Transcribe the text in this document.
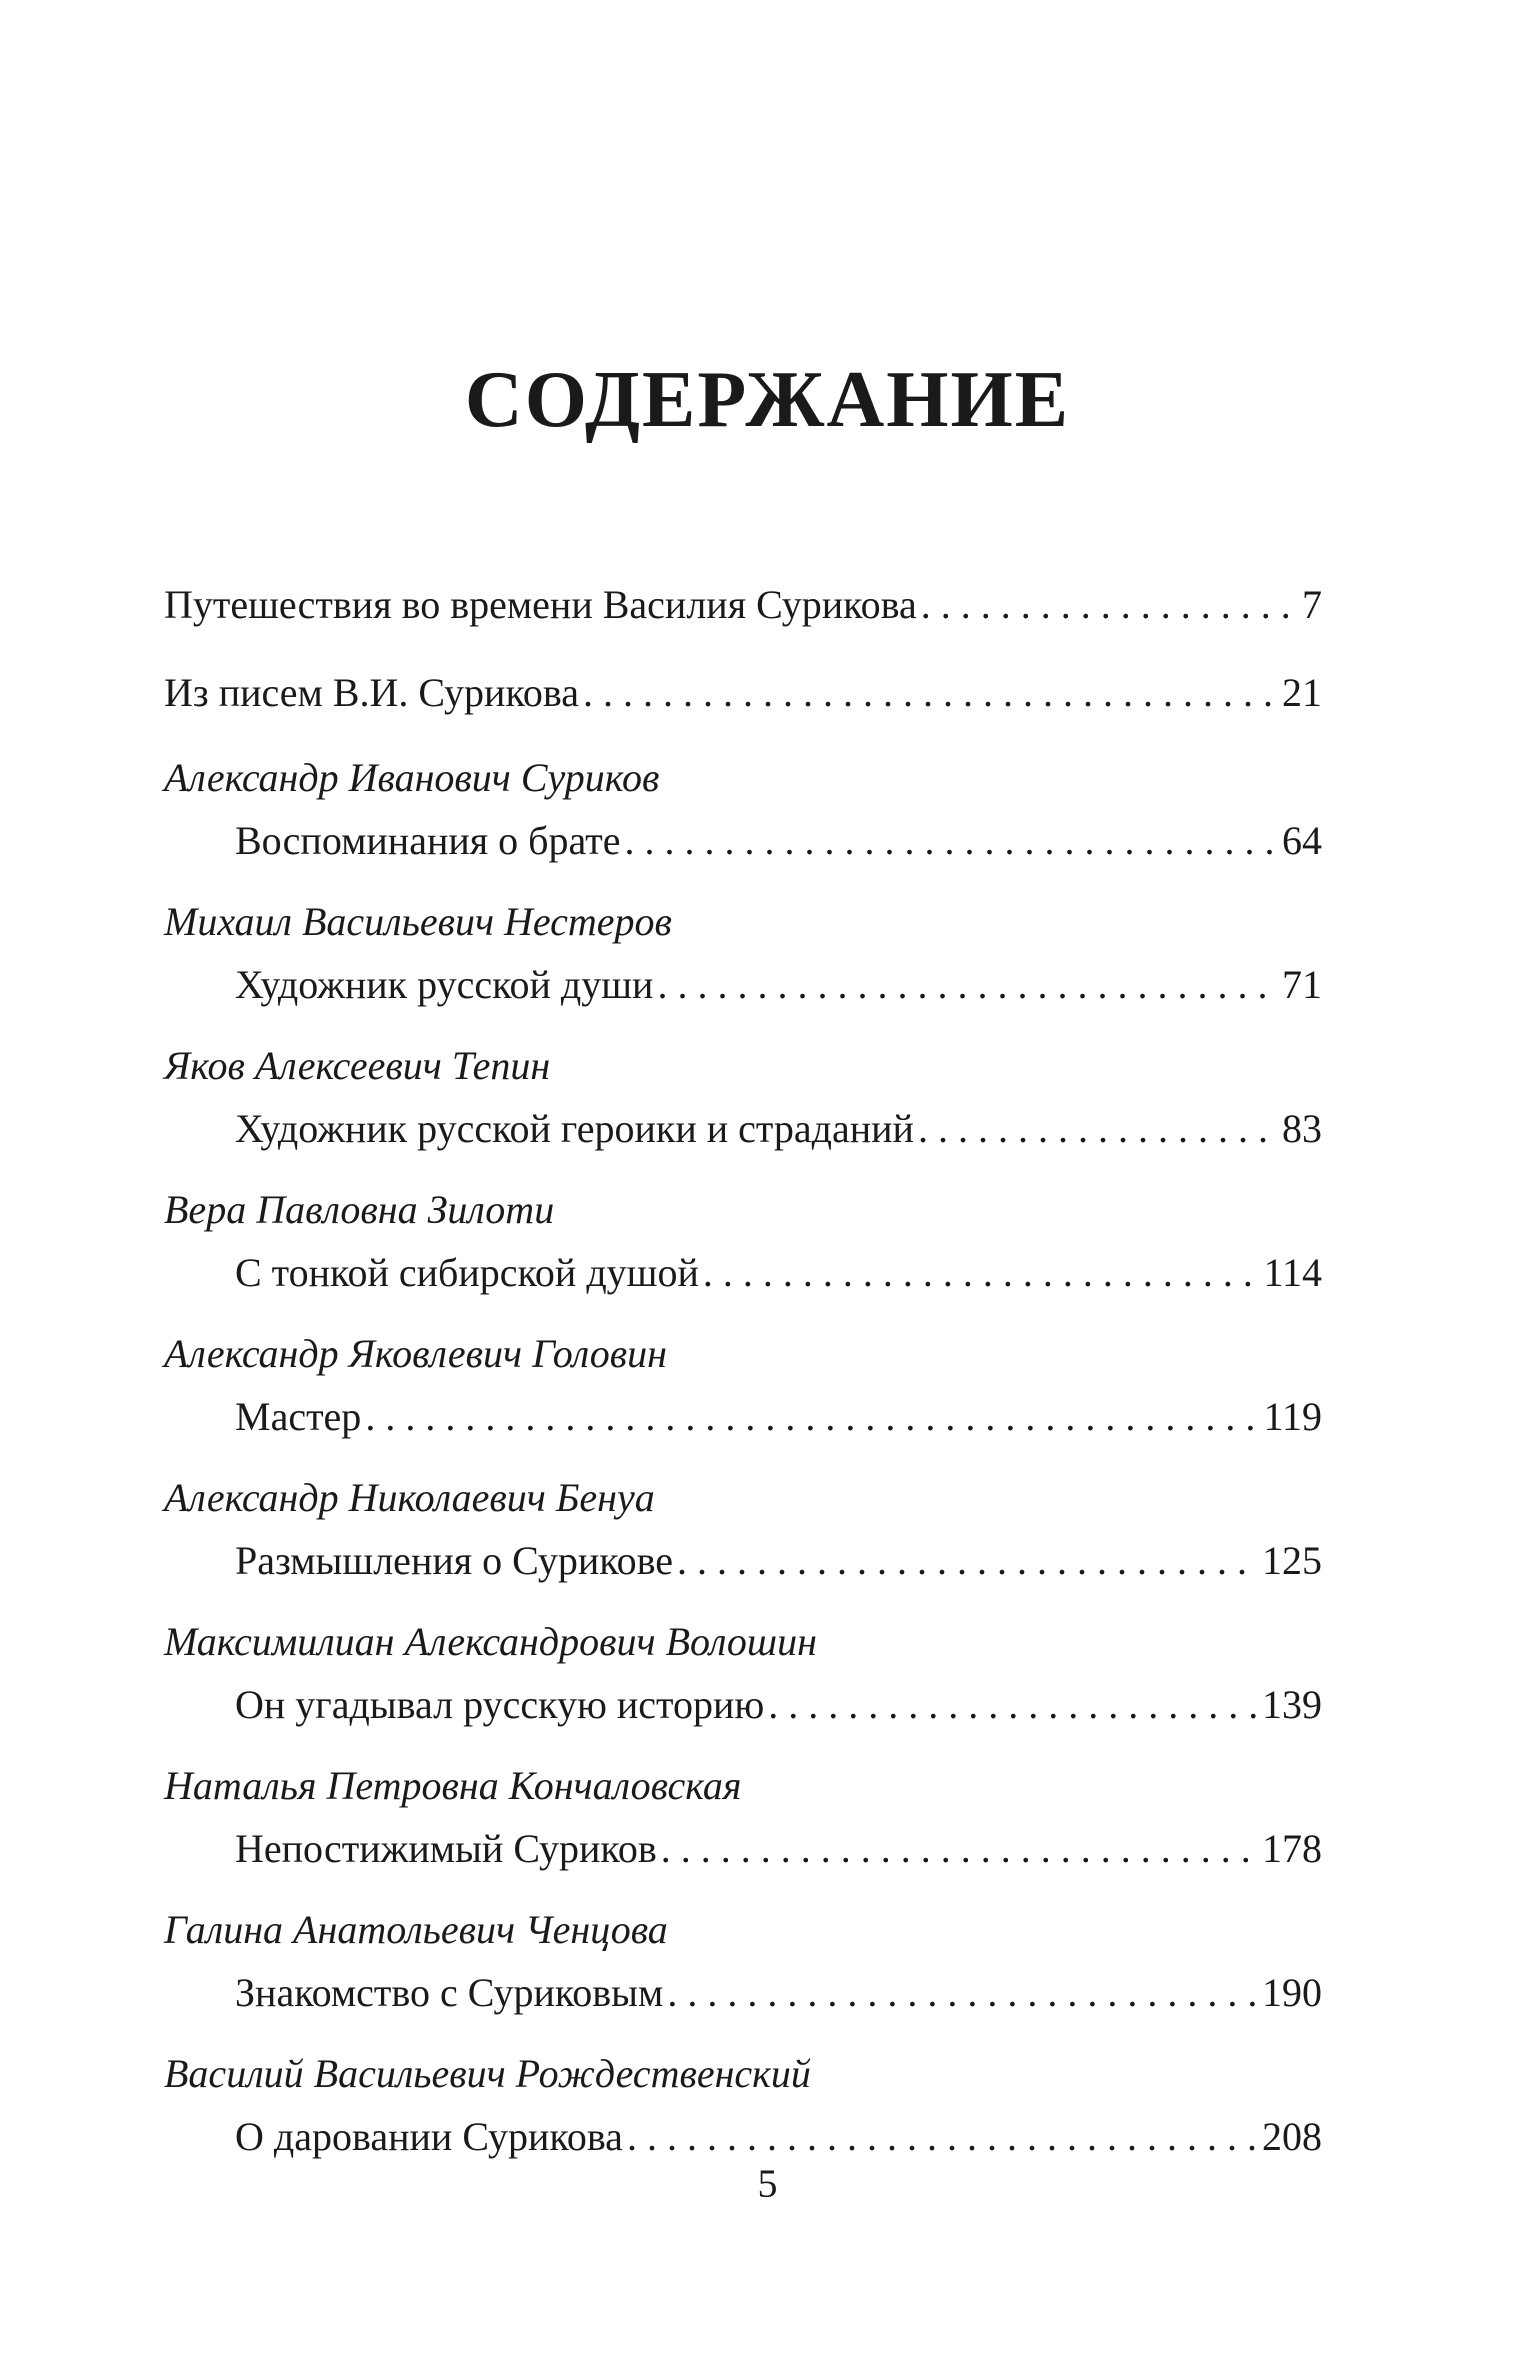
СОДЕРЖАНИЕ
Путешествия во времени Василия Сурикова . . .	7
Из писем В.И. Сурикова . . .	21
Александр Иванович Суриков
Воспоминания о брате . . .	64
Михаил Васильевич Нестеров
Художник русской души . . .	71
Яков Алексеевич Тепин
Художник русской героики и страданий . . .	83
Вера Павловна Зилоти
С тонкой сибирской душой . . .	114
Александр Яковлевич Головин
Мастер . . .	119
Александр Николаевич Бенуа
Размышления о Сурикове . . .	125
Максимилиан Александрович Волошин
Он угадывал русскую историю . . .	139
Наталья Петровна Кончаловская
Непостижимый Суриков . . .	178
Галина Анатольевич Ченцова
Знакомство с Суриковым . . .	190
Василий Васильевич Рождественский
О даровании Сурикова . . .	208
5
